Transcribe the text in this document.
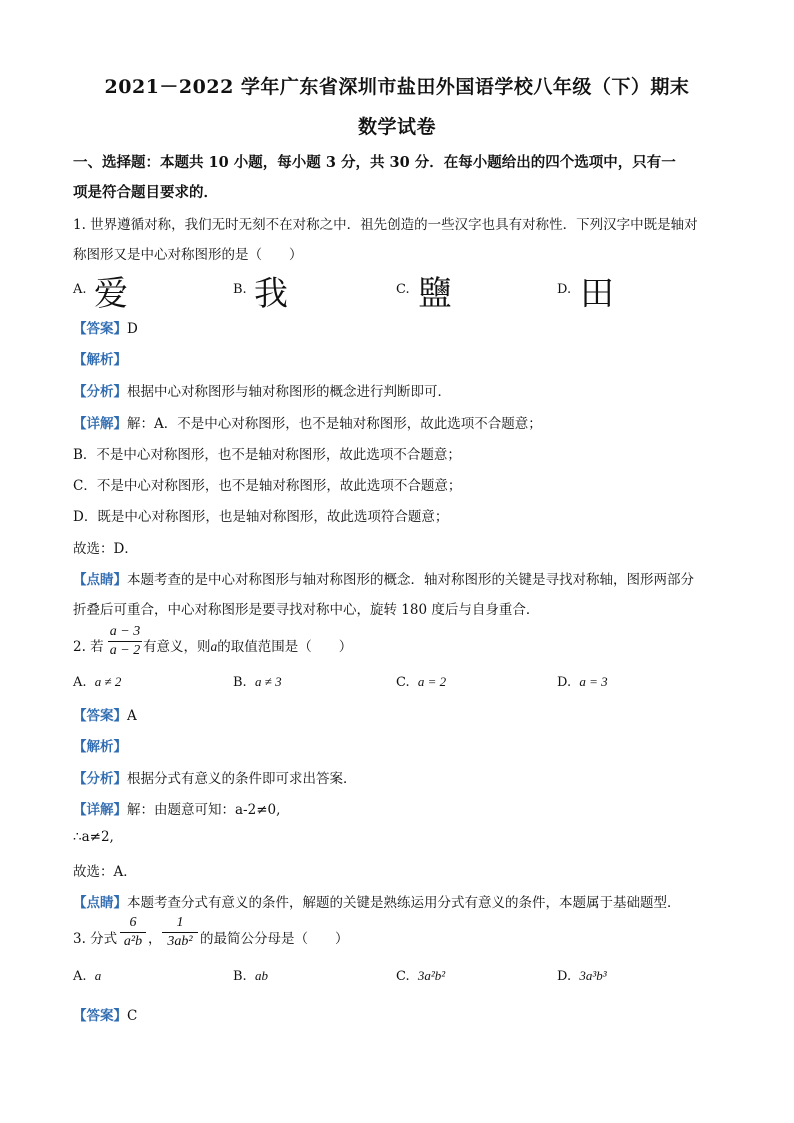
2021－2022 学年广东省深圳市盐田外国语学校八年级（下）期末
数学试卷
一、选择题：本题共 10 小题，每小题 3 分，共 30 分．在每小题给出的四个选项中，只有一
项是符合题目要求的．
1. 世界遵循对称，我们无时无刻不在对称之中．祖先创造的一些汉字也具有对称性．下列汉字中既是轴对
称图形又是中心对称图形的是（　　）
A. 爱	B. 我	C. 鹽	D. 田
【答案】D
【解析】
【分析】根据中心对称图形与轴对称图形的概念进行判断即可．
【详解】解：A．不是中心对称图形，也不是轴对称图形，故此选项不合题意；
B．不是中心对称图形，也不是轴对称图形，故此选项不合题意；
C．不是中心对称图形，也不是轴对称图形，故此选项不合题意；
D．既是中心对称图形，也是轴对称图形，故此选项符合题意；
故选：D．
【点睛】本题考查的是中心对称图形与轴对称图形的概念．轴对称图形的关键是寻找对称轴，图形两部分
折叠后可重合，中心对称图形是要寻找对称中心，旋转 180 度后与自身重合．
2. 若
a − 3
a − 2 有意义，则a的取值范围是（　　）
A. a ≠ 2	B. a ≠ 3	C. a = 2	D. a = 3
【答案】A
【解析】
【分析】根据分式有意义的条件即可求出答案．
【详解】解：由题意可知：a-2≠0,
∴a≠2,
故选：A．
【点睛】本题考查分式有意义的条件，解题的关键是熟练运用分式有意义的条件，本题属于基础题型．
3. 分式
6
a²b ，
1
3ab² 的最简公分母是（　　）
A. a	B. ab	C. 3a²b²	D. 3a³b³
【答案】C
